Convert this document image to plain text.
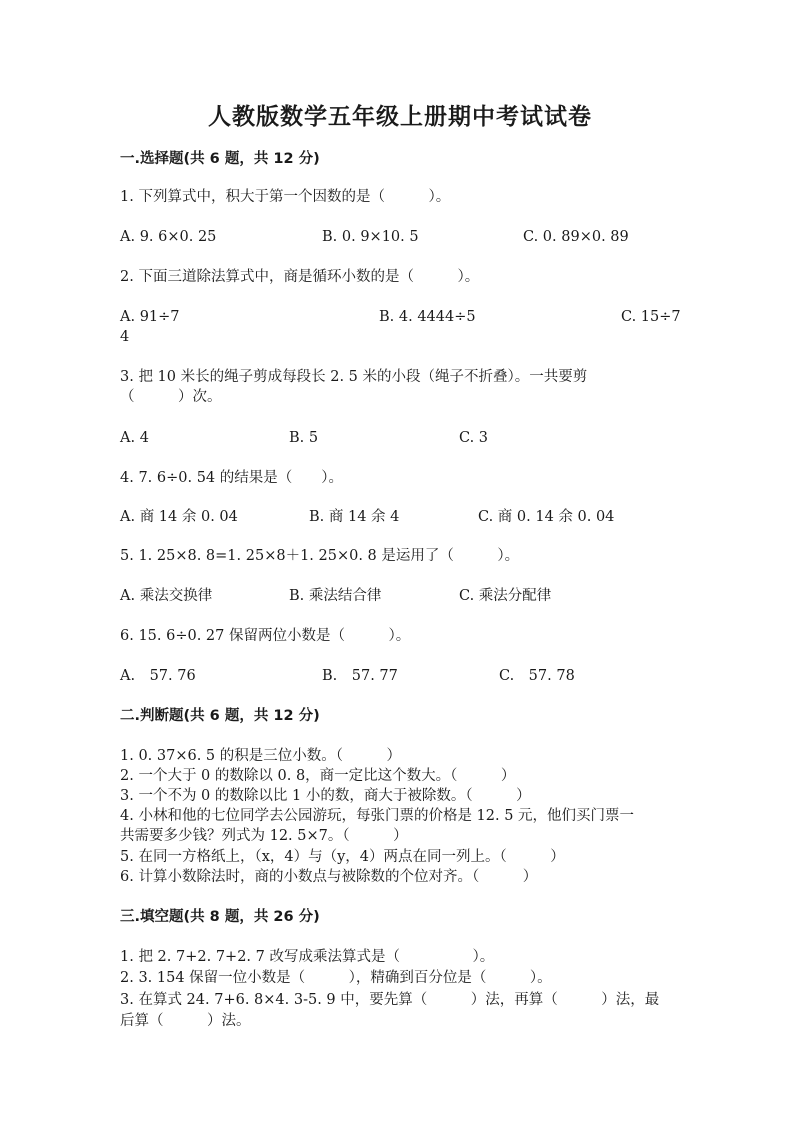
人教版数学五年级上册期中考试试卷
一.选择题(共 6 题，共 12 分)
1. 下列算式中，积大于第一个因数的是（　　　）。
A. 9. 6×0. 25	B. 0. 9×10. 5	C. 0. 89×0. 89
2. 下面三道除法算式中，商是循环小数的是（　　　）。
A. 91÷7	B. 4. 4444÷5	C. 15÷7
4
3. 把 10 米长的绳子剪成每段长 2. 5 米的小段（绳子不折叠）。一共要剪
（　　　）次。
A. 4	B. 5	C. 3
4. 7. 6÷0. 54 的结果是（　　）。
A. 商 14 余 0. 04	B. 商 14 余 4	C. 商 0. 14 余 0. 04
5. 1. 25×8. 8=1. 25×8＋1. 25×0. 8 是运用了（　　　）。
A. 乘法交换律	B. 乘法结合律	C. 乘法分配律
6. 15. 6÷0. 27 保留两位小数是（　　　）。
A.　57. 76	B.　57. 77	C.　57. 78
二.判断题(共 6 题，共 12 分)
1. 0. 37×6. 5 的积是三位小数。（　　　）
2. 一个大于 0 的数除以 0. 8，商一定比这个数大。（　　　）
3. 一个不为 0 的数除以比 1 小的数，商大于被除数。（　　　）
4. 小林和他的七位同学去公园游玩，每张门票的价格是 12. 5 元，他们买门票一
共需要多少钱？列式为 12. 5×7。（　　　）
5. 在同一方格纸上，（x，4）与（y，4）两点在同一列上。（　　　）
6. 计算小数除法时，商的小数点与被除数的个位对齐。（　　　）
三.填空题(共 8 题，共 26 分)
1. 把 2. 7+2. 7+2. 7 改写成乘法算式是（　　　　　）。
2. 3. 154 保留一位小数是（　　　），精确到百分位是（　　　）。
3. 在算式 24. 7+6. 8×4. 3-5. 9 中，要先算（　　　）法，再算（　　　）法，最
后算（　　　）法。
